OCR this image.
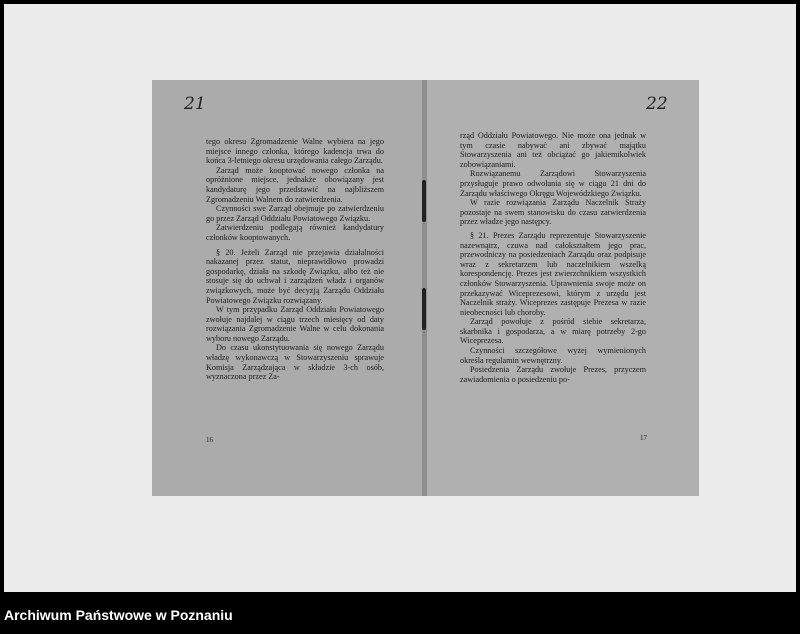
21

tego okresu Zgromadzenie Walne wybiera na jego miejsce innego członka, którego kadencja trwa do końca 3-letniego okresu urzędowania całego Zarządu.

Zarząd może kooptować nowego członka na opróżnione miejsce, jednakże obowiązany jest kandydaturę jego przedstawić na najbliższem Zgromadzeniu Walnem do zatwierdzenia.

Czynności swe Zarząd obejmuje po zatwierdzeniu go przez Zarząd Oddziału Powiatowego Związku.

Zatwierdzeniu podlegają również kandydatury członków kooptowanych.

§ 20. Jeżeli Zarząd nie przejawia działalności nakazanej przez statut, nieprawidłowo prowadzi gospodarkę, działa na szkodę Związku, albo też nie stosuje się do uchwał i zarządzeń władz i organów związkowych, może być decyzją Zarządu Oddziału Powiatowego Związku rozwiązany.

W tym przypadku Zarząd Oddziału Powiatowego zwołuje najdalej w ciągu trzech miesięcy od daty rozwiązania Zgromadzenie Walne w celu dokonania wyboru nowego Zarządu.

Do czasu ukonstytuowania się nowego Zarządu władzę wykonawczą w Stowarzyszeniu sprawuje Komisja Zarządzająca w składzie 3-ch osób, wyznaczona przez Za-

16
22

rząd Oddziału Powiatowego. Nie może ona jednak w tym czasie nabywać ani zbywać majątku Stowarzyszenia ani też obciążać go jakiemikolwiek zobowiązaniami.

Rozwiązanemu Zarządowi Stowarzyszenia przysługuje prawo odwołania się w ciągu 21 dni do Zarządu właściwego Okręgu Wojewódzkiego Związku.

W razie rozwiązania Zarządu Naczelnik Straży pozostaje na swem stanowisku do czasu zatwierdzenia przez władze jego następcy.

§ 21. Prezes Zarządu reprezentuje Stowarzyszenie nazewnątrz, czuwa nad całokształtem jego prac, przewodniczy na posiedzeniach Zarządu oraz podpisuje wraz z sekretarzem lub naczelnikiem wszelką korespondencję. Prezes jest zwierzchnikiem wszystkich członków Stowarzyszenia. Uprawnienia swoje może on przekazywać Wiceprezesowi, którym z urzędu jest Naczelnik straży. Wiceprezes zastępuje Prezesa w razie nieobecności lub choroby.

Zarząd powołuje z pośród siebie sekretarza, skarbnika i gospodarza, a w miarę potrzeby 2-go Wiceprezesa.

Czynności szczegółowe wyżej wymienionych określa regulamin wewnętrzny.

Posiedzenia Zarządu zwołuje Prezes, przyczem zawiadomienia o posiedzeniu po-

17
Archiwum Państwowe w Poznaniu
